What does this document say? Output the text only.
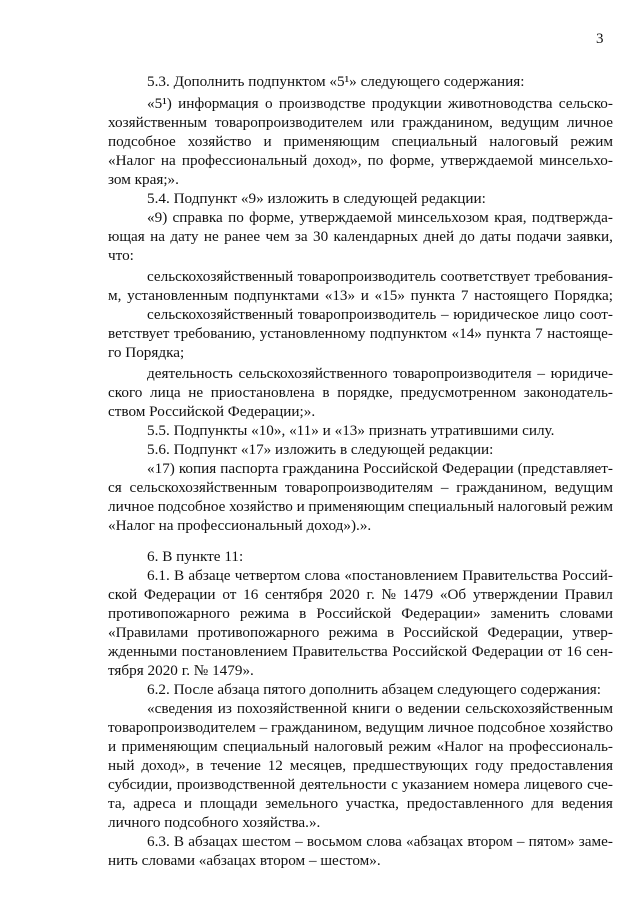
3
5.3. Дополнить подпунктом «5¹» следующего содержания:
«5¹) информация о производстве продукции животноводства сельско-
хозяйственным товаропроизводителем или гражданином, ведущим личное
подсобное хозяйство и применяющим специальный налоговый режим
«Налог на профессиональный доход», по форме, утверждаемой минсельхо-
зом края;».
5.4. Подпункт «9» изложить в следующей редакции:
«9) справка по форме, утверждаемой минсельхозом края, подтвержда-
ющая на дату не ранее чем за 30 календарных дней до даты подачи заявки,
что:
сельскохозяйственный товаропроизводитель соответствует требования-
м, установленным подпунктами «13» и «15» пункта 7 настоящего Порядка;
сельскохозяйственный товаропроизводитель – юридическое лицо соот-
ветствует требованию, установленному подпунктом «14» пункта 7 настояще-
го Порядка;
деятельность сельскохозяйственного товаропроизводителя – юридиче-
ского лица не приостановлена в порядке, предусмотренном законодатель-
ством Российской Федерации;».
5.5. Подпункты «10», «11» и «13» признать утратившими силу.
5.6. Подпункт «17» изложить в следующей редакции:
«17) копия паспорта гражданина Российской Федерации (представляет-
ся сельскохозяйственным товаропроизводителям – гражданином, ведущим
личное подсобное хозяйство и применяющим специальный налоговый режим
«Налог на профессиональный доход»).».
6. В пункте 11:
6.1. В абзаце четвертом слова «постановлением Правительства Россий-
ской Федерации от 16 сентября 2020 г. № 1479 «Об утверждении Правил
противопожарного режима в Российской Федерации» заменить словами
«Правилами противопожарного режима в Российской Федерации, утвер-
жденными постановлением Правительства Российской Федерации от 16 сен-
тября 2020 г. № 1479».
6.2. После абзаца пятого дополнить абзацем следующего содержания:
«сведения из похозяйственной книги о ведении сельскохозяйственным
товаропроизводителем – гражданином, ведущим личное подсобное хозяйство
и применяющим специальный налоговый режим «Налог на профессиональ-
ный доход», в течение 12 месяцев, предшествующих году предоставления
субсидии, производственной деятельности с указанием номера лицевого сче-
та, адреса и площади земельного участка, предоставленного для ведения
личного подсобного хозяйства.».
6.3. В абзацах шестом – восьмом слова «абзацах втором – пятом» заме-
нить словами «абзацах втором – шестом».
